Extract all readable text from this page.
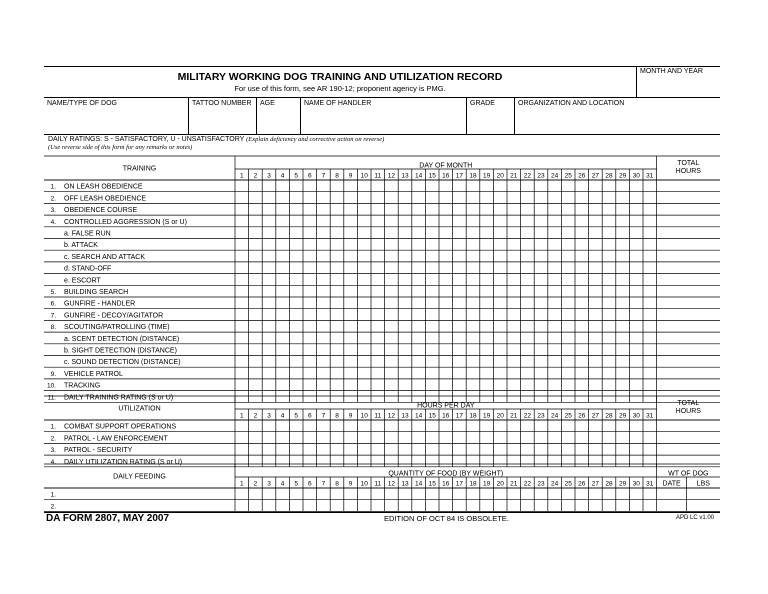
MILITARY WORKING DOG TRAINING AND UTILIZATION RECORD
For use of this form, see AR 190-12; proponent agency is PMG.
MONTH AND YEAR
NAME/TYPE OF DOG	TATTOO NUMBER	AGE	NAME OF HANDLER	GRADE	ORGANIZATION AND LOCATION
DAILY RATINGS: S - SATISFACTORY, U - UNSATISFACTORY (Explain deficiency and corrective action on reverse)
(Use reverse side of this form for any remarks or notes)
TRAINING	DAY OF MONTH
1 2 3 4 5 6 7 8 9 10 11 12 13 14 15 16 17 18 19 20 21 22 23 24 25 26 27 28 29 30 31
TOTAL
HOURS
1. ON LEASH OBEDIENCE
2. OFF LEASH OBEDIENCE
3. OBEDIENCE COURSE
4. CONTROLLED AGGRESSION (S or U)
a. FALSE RUN
b. ATTACK
c. SEARCH AND ATTACK
d. STAND-OFF
e. ESCORT
5. BUILDING SEARCH
6. GUNFIRE - HANDLER
7. GUNFIRE - DECOY/AGITATOR
8. SCOUTING/PATROLLING (TIME)
a. SCENT DETECTION (DISTANCE)
b. SIGHT DETECTION (DISTANCE)
c. SOUND DETECTION (DISTANCE)
9. VEHICLE PATROL
10. TRACKING
11. DAILY TRAINING RATING (S or U)
UTILIZATION	HOURS PER DAY
1 2 3 4 5 6 7 8 9 10 11 12 13 14 15 16 17 18 19 20 21 22 23 24 25 26 27 28 29 30 31
TOTAL
HOURS
1. COMBAT SUPPORT OPERATIONS
2. PATROL - LAW ENFORCEMENT
3. PATROL - SECURITY
4. DAILY UTILIZATION RATING (S or U)
DAILY FEEDING	QUANTITY OF FOOD (BY WEIGHT)
1 2 3 4 5 6 7 8 9 10 11 12 13 14 15 16 17 18 19 20 21 22 23 24 25 26 27 28 29 30 31
WT OF DOG
DATE LBS
1.
2.
DA FORM 2807, MAY 2007	EDITION OF OCT 84 IS OBSOLETE.	APD LC v1.00
